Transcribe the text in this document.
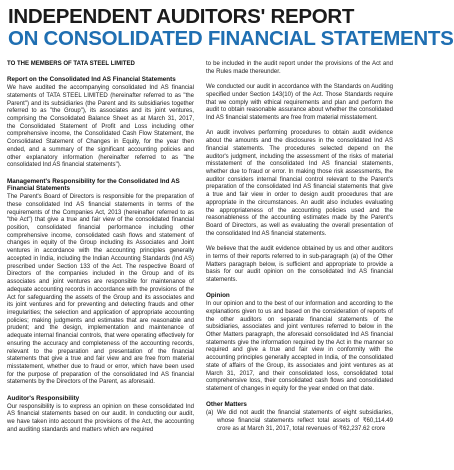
INDEPENDENT AUDITORS' REPORT
ON CONSOLIDATED FINANCIAL STATEMENTS
TO THE MEMBERS OF TATA STEEL LIMITED
Report on the Consolidated Ind AS Financial Statements

We have audited the accompanying consolidated Ind AS financial statements of TATA STEEL LIMITED (hereinafter referred to as "the Parent") and its subsidiaries (the Parent and its subsidiaries together referred to as "the Group"), its associates and its joint ventures, comprising the Consolidated Balance Sheet as at March 31, 2017, the Consolidated Statement of Profit and Loss including other comprehensive income, the Consolidated Cash Flow Statement, the Consolidated Statement of Changes in Equity, for the year then ended, and a summary of the significant accounting policies and other explanatory information (hereinafter referred to as "the consolidated Ind AS financial statements").

Management's Responsibility for the Consolidated Ind AS Financial Statements

The Parent's Board of Directors is responsible for the preparation of these consolidated Ind AS financial statements in terms of the requirements of the Companies Act, 2013 (hereinafter referred to as "the Act") that give a true and fair view of the consolidated financial position, consolidated financial performance including other comprehensive income, consolidated cash flows and statement of changes in equity of the Group including its Associates and Joint ventures in accordance with the accounting principles generally accepted in India, including the Indian Accounting Standards (Ind AS) prescribed under Section 133 of the Act. The respective Board of Directors of the companies included in the Group and of its associates and joint ventures are responsible for maintenance of adequate accounting records in accordance with the provisions of the Act for safeguarding the assets of the Group and its associates and its joint ventures and for preventing and detecting frauds and other irregularities; the selection and application of appropriate accounting policies; making judgments and estimates that are reasonable and prudent; and the design, implementation and maintenance of adequate internal financial controls, that were operating effectively for ensuring the accuracy and completeness of the accounting records, relevant to the preparation and presentation of the financial statements that give a true and fair view and are free from material misstatement, whether due to fraud or error, which have been used for the purpose of preparation of the consolidated Ind AS financial statements by the Directors of the Parent, as aforesaid.

Auditor's Responsibility

Our responsibility is to express an opinion on these consolidated Ind AS financial statements based on our audit. In conducting our audit, we have taken into account the provisions of the Act, the accounting and auditing standards and matters which are required

to be included in the audit report under the provisions of the Act and the Rules made thereunder.

We conducted our audit in accordance with the Standards on Auditing specified under Section 143(10) of the Act. Those Standards require that we comply with ethical requirements and plan and perform the audit to obtain reasonable assurance about whether the consolidated Ind AS financial statements are free from material misstatement.

An audit involves performing procedures to obtain audit evidence about the amounts and the disclosures in the consolidated Ind AS financial statements. The procedures selected depend on the auditor's judgment, including the assessment of the risks of material misstatement of the consolidated Ind AS financial statements, whether due to fraud or error. In making those risk assessments, the auditor considers internal financial control relevant to the Parent's preparation of the consolidated Ind AS financial statements that give a true and fair view in order to design audit procedures that are appropriate in the circumstances. An audit also includes evaluating the appropriateness of the accounting policies used and the reasonableness of the accounting estimates made by the Parent's Board of Directors, as well as evaluating the overall presentation of the consolidated Ind AS financial statements.

We believe that the audit evidence obtained by us and other auditors in terms of their reports referred to in sub-paragraph (a) of the Other Matters paragraph below, is sufficient and appropriate to provide a basis for our audit opinion on the consolidated Ind AS financial statements.

Opinion

In our opinion and to the best of our information and according to the explanations given to us and based on the consideration of reports of the other auditors on separate financial statements of the subsidiaries, associates and joint ventures referred to below in the Other Matters paragraph, the aforesaid consolidated Ind AS financial statements give the information required by the Act in the manner so required and give a true and fair view in conformity with the accounting principles generally accepted in India, of the consolidated state of affairs of the Group, its associates and joint ventures as at March 31, 2017, and their consolidated loss, consolidated total comprehensive loss, their consolidated cash flows and consolidated statement of changes in equity for the year ended on that date.

Other Matters
(a) We did not audit the financial statements of eight subsidiaries, whose financial statements reflect total assets of ₹60,114.49 crore as at March 31, 2017, total revenues of ₹62,237.62 crore
